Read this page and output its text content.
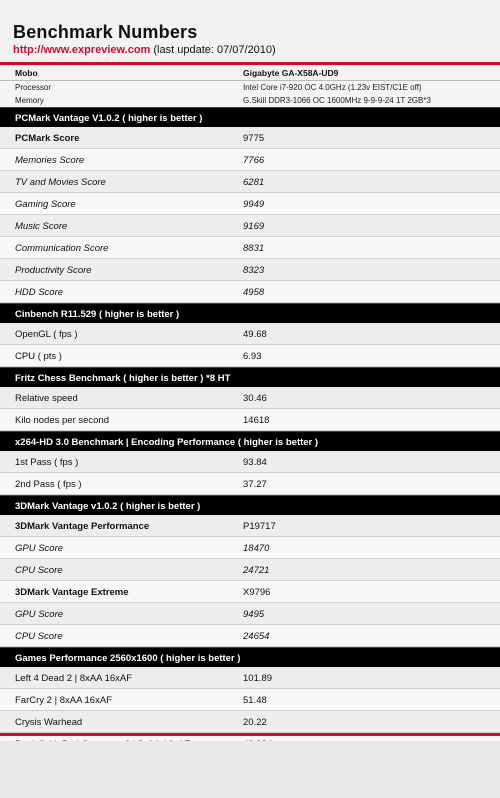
Benchmark Numbers
http://www.expreview.com (last update: 07/07/2010)
Mobo	Gigabyte GA-X58A-UD9
Processor	Intel Core i7-920 OC 4.0GHz (1.23v EIST/C1E off)
Memory	G.Skill DDR3-1066 OC 1600MHz 9-9-9-24 1T 2GB*3
PCMark Vantage V1.0.2 ( higher is better )
PCMark Score	9775
Memories Score	7766
TV and Movies Score	6281
Gaming Score	9949
Music Score	9169
Communication Score	8831
Productivity Score	8323
HDD Score	4958
Cinbench R11.529 ( higher is better )
OpenGL ( fps )	49.68
CPU ( pts )	6.93
Fritz Chess Benchmark ( higher is better ) *8 HT
Relative speed	30.46
Kilo nodes per second	14618
x264-HD 3.0 Benchmark | Encoding Performance ( higher is better )
1st Pass ( fps )	93.84
2nd Pass ( fps )	37.27
3DMark Vantage v1.0.2 ( higher is better )
3DMark Vantage Performance	P19717
GPU Score	18470
CPU Score	24721
3DMark Vantage Extreme	X9796
GPU Score	9495
CPU Score	24654
Games Performance 2560x1600 ( higher is better )
Left 4 Dead 2 | 8xAA 16xAF	101.89
FarCry 2 | 8xAA 16xAF	51.48
Crysis Warhead	20.22
